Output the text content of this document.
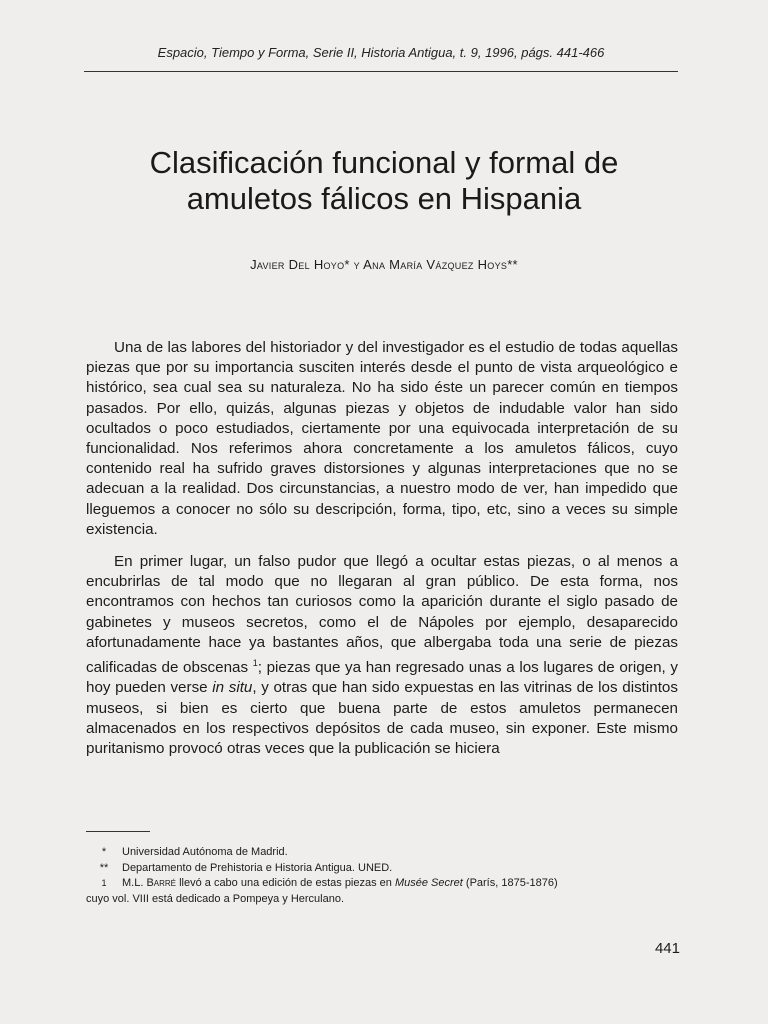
Espacio, Tiempo y Forma, Serie II, Historia Antigua, t. 9, 1996, págs. 441-466
Clasificación funcional y formal de
amuletos fálicos en Hispania
Javier Del Hoyo* y Ana María Vázquez Hoys**

Una de las labores del historiador y del investigador es el estudio de todas aquellas piezas que por su importancia susciten interés desde el punto de vista arqueológico e histórico, sea cual sea su naturaleza. No ha sido éste un parecer común en tiempos pasados. Por ello, quizás, algunas piezas y objetos de indudable valor han sido ocultados o poco estudiados, ciertamente por una equivocada interpretación de su funcionalidad. Nos referimos ahora concretamente a los amuletos fálicos, cuyo contenido real ha sufrido graves distorsiones y algunas interpretaciones que no se adecuan a la realidad. Dos circunstancias, a nuestro modo de ver, han impedido que lleguemos a conocer no sólo su descripción, forma, tipo, etc, sino a veces su simple existencia.

En primer lugar, un falso pudor que llegó a ocultar estas piezas, o al menos a encubrirlas de tal modo que no llegaran al gran público. De esta forma, nos encontramos con hechos tan curiosos como la aparición durante el siglo pasado de gabinetes y museos secretos, como el de Nápoles por ejemplo, desaparecido afortunadamente hace ya bastantes años, que albergaba toda una serie de piezas calificadas de obscenas $^1$; piezas que ya han regresado unas a los lugares de origen, y hoy pueden verse in situ, y otras que han sido expuestas en las vitrinas de los distintos museos, si bien es cierto que buena parte de estos amuletos permanecen almacenados en los respectivos depósitos de cada museo, sin exponer. Este mismo puritanismo provocó otras veces que la publicación se hiciera

* Universidad Autónoma de Madrid.
** Departamento de Prehistoria e Historia Antigua. UNED.
1 M.L. Barré llevó a cabo una edición de estas piezas en Musée Secret (París, 1875-1876)
cuyo vol. VIII está dedicado a Pompeya y Herculano.
441
